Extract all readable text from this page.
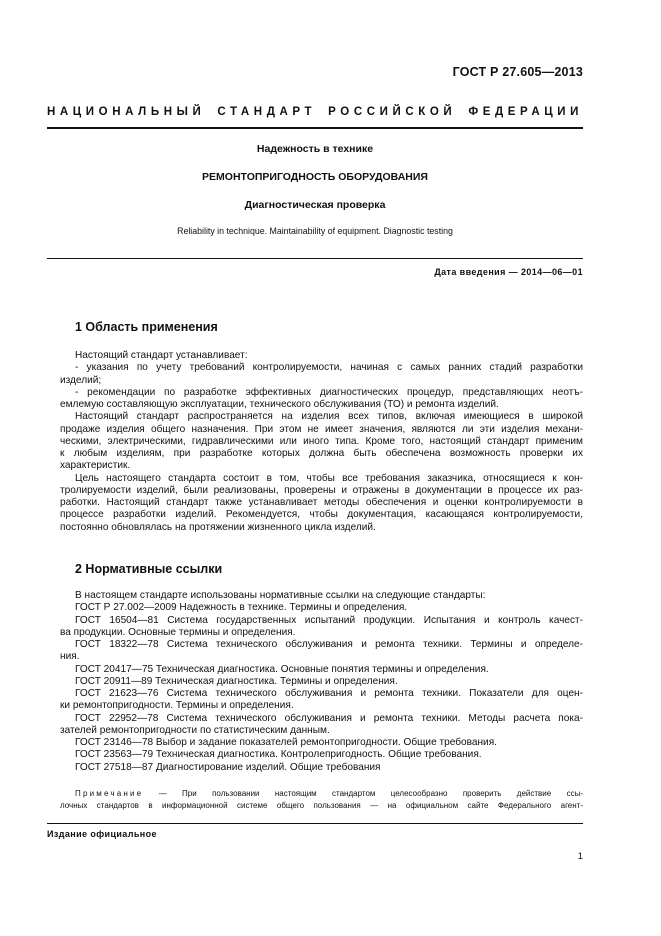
ГОСТ Р 27.605—2013
НАЦИОНАЛЬНЫЙ СТАНДАРТ РОССИЙСКОЙ ФЕДЕРАЦИИ
Надежность в технике
РЕМОНТОПРИГОДНОСТЬ ОБОРУДОВАНИЯ
Диагностическая проверка
Reliability in technique. Maintainability of equipment. Diagnostic testing
Дата введения — 2014—06—01
1 Область применения

Настоящий стандарт устанавливает:

- указания по учету требований контролируемости, начиная с самых ранних стадий разработки

изделий;

- рекомендации по разработке эффективных диагностических процедур, представляющих неотъ-

емлемую составляющую эксплуатации, технического обслуживания (ТО) и ремонта изделий.

Настоящий стандарт распространяется на изделия всех типов, включая имеющиеся в широкой

продаже изделия общего назначения. При этом не имеет значения, являются ли эти изделия механи-

ческими, электрическими, гидравлическими или иного типа. Кроме того, настоящий стандарт применим

к любым изделиям, при разработке которых должна быть обеспечена возможность проверки их

характеристик.

Цель настоящего стандарта состоит в том, чтобы все требования заказчика, относящиеся к кон-

тролируемости изделий, были реализованы, проверены и отражены в документации в процессе их раз-

работки. Настоящий стандарт также устанавливает методы обеспечения и оценки контролируемости в

процессе разработки изделий. Рекомендуется, чтобы документация, касающаяся контролируемости,

постоянно обновлялась на протяжении жизненного цикла изделий.

2 Нормативные ссылки

В настоящем стандарте использованы нормативные ссылки на следующие стандарты:

ГОСТ Р 27.002—2009 Надежность в технике. Термины и определения.

ГОСТ 16504—81 Система государственных испытаний продукции. Испытания и контроль качест-

ва продукции. Основные термины и определения.

ГОСТ 18322—78 Система технического обслуживания и ремонта техники. Термины и определе-

ния.

ГОСТ 20417—75 Техническая диагностика. Основные понятия термины и определения.

ГОСТ 20911—89 Техническая диагностика. Термины и определения.

ГОСТ 21623—76 Система технического обслуживания и ремонта техники. Показатели для оцен-

ки ремонтопригодности. Термины и определения.

ГОСТ 22952—78 Система технического обслуживания и ремонта техники. Методы расчета пока-

зателей ремонтопригодности по статистическим данным.

ГОСТ 23146—78 Выбор и задание показателей ремонтопригодности. Общие требования.

ГОСТ 23563—79 Техническая диагностика. Контролепригодность. Общие требования.

ГОСТ 27518—87 Диагностирование изделий. Общие требования

Примечание — При пользовании настоящим стандартом целесообразно проверить действие ссы-

лочных стандартов в информационной системе общего пользования — на официальном сайте Федерального агент-

Издание официальное
1
